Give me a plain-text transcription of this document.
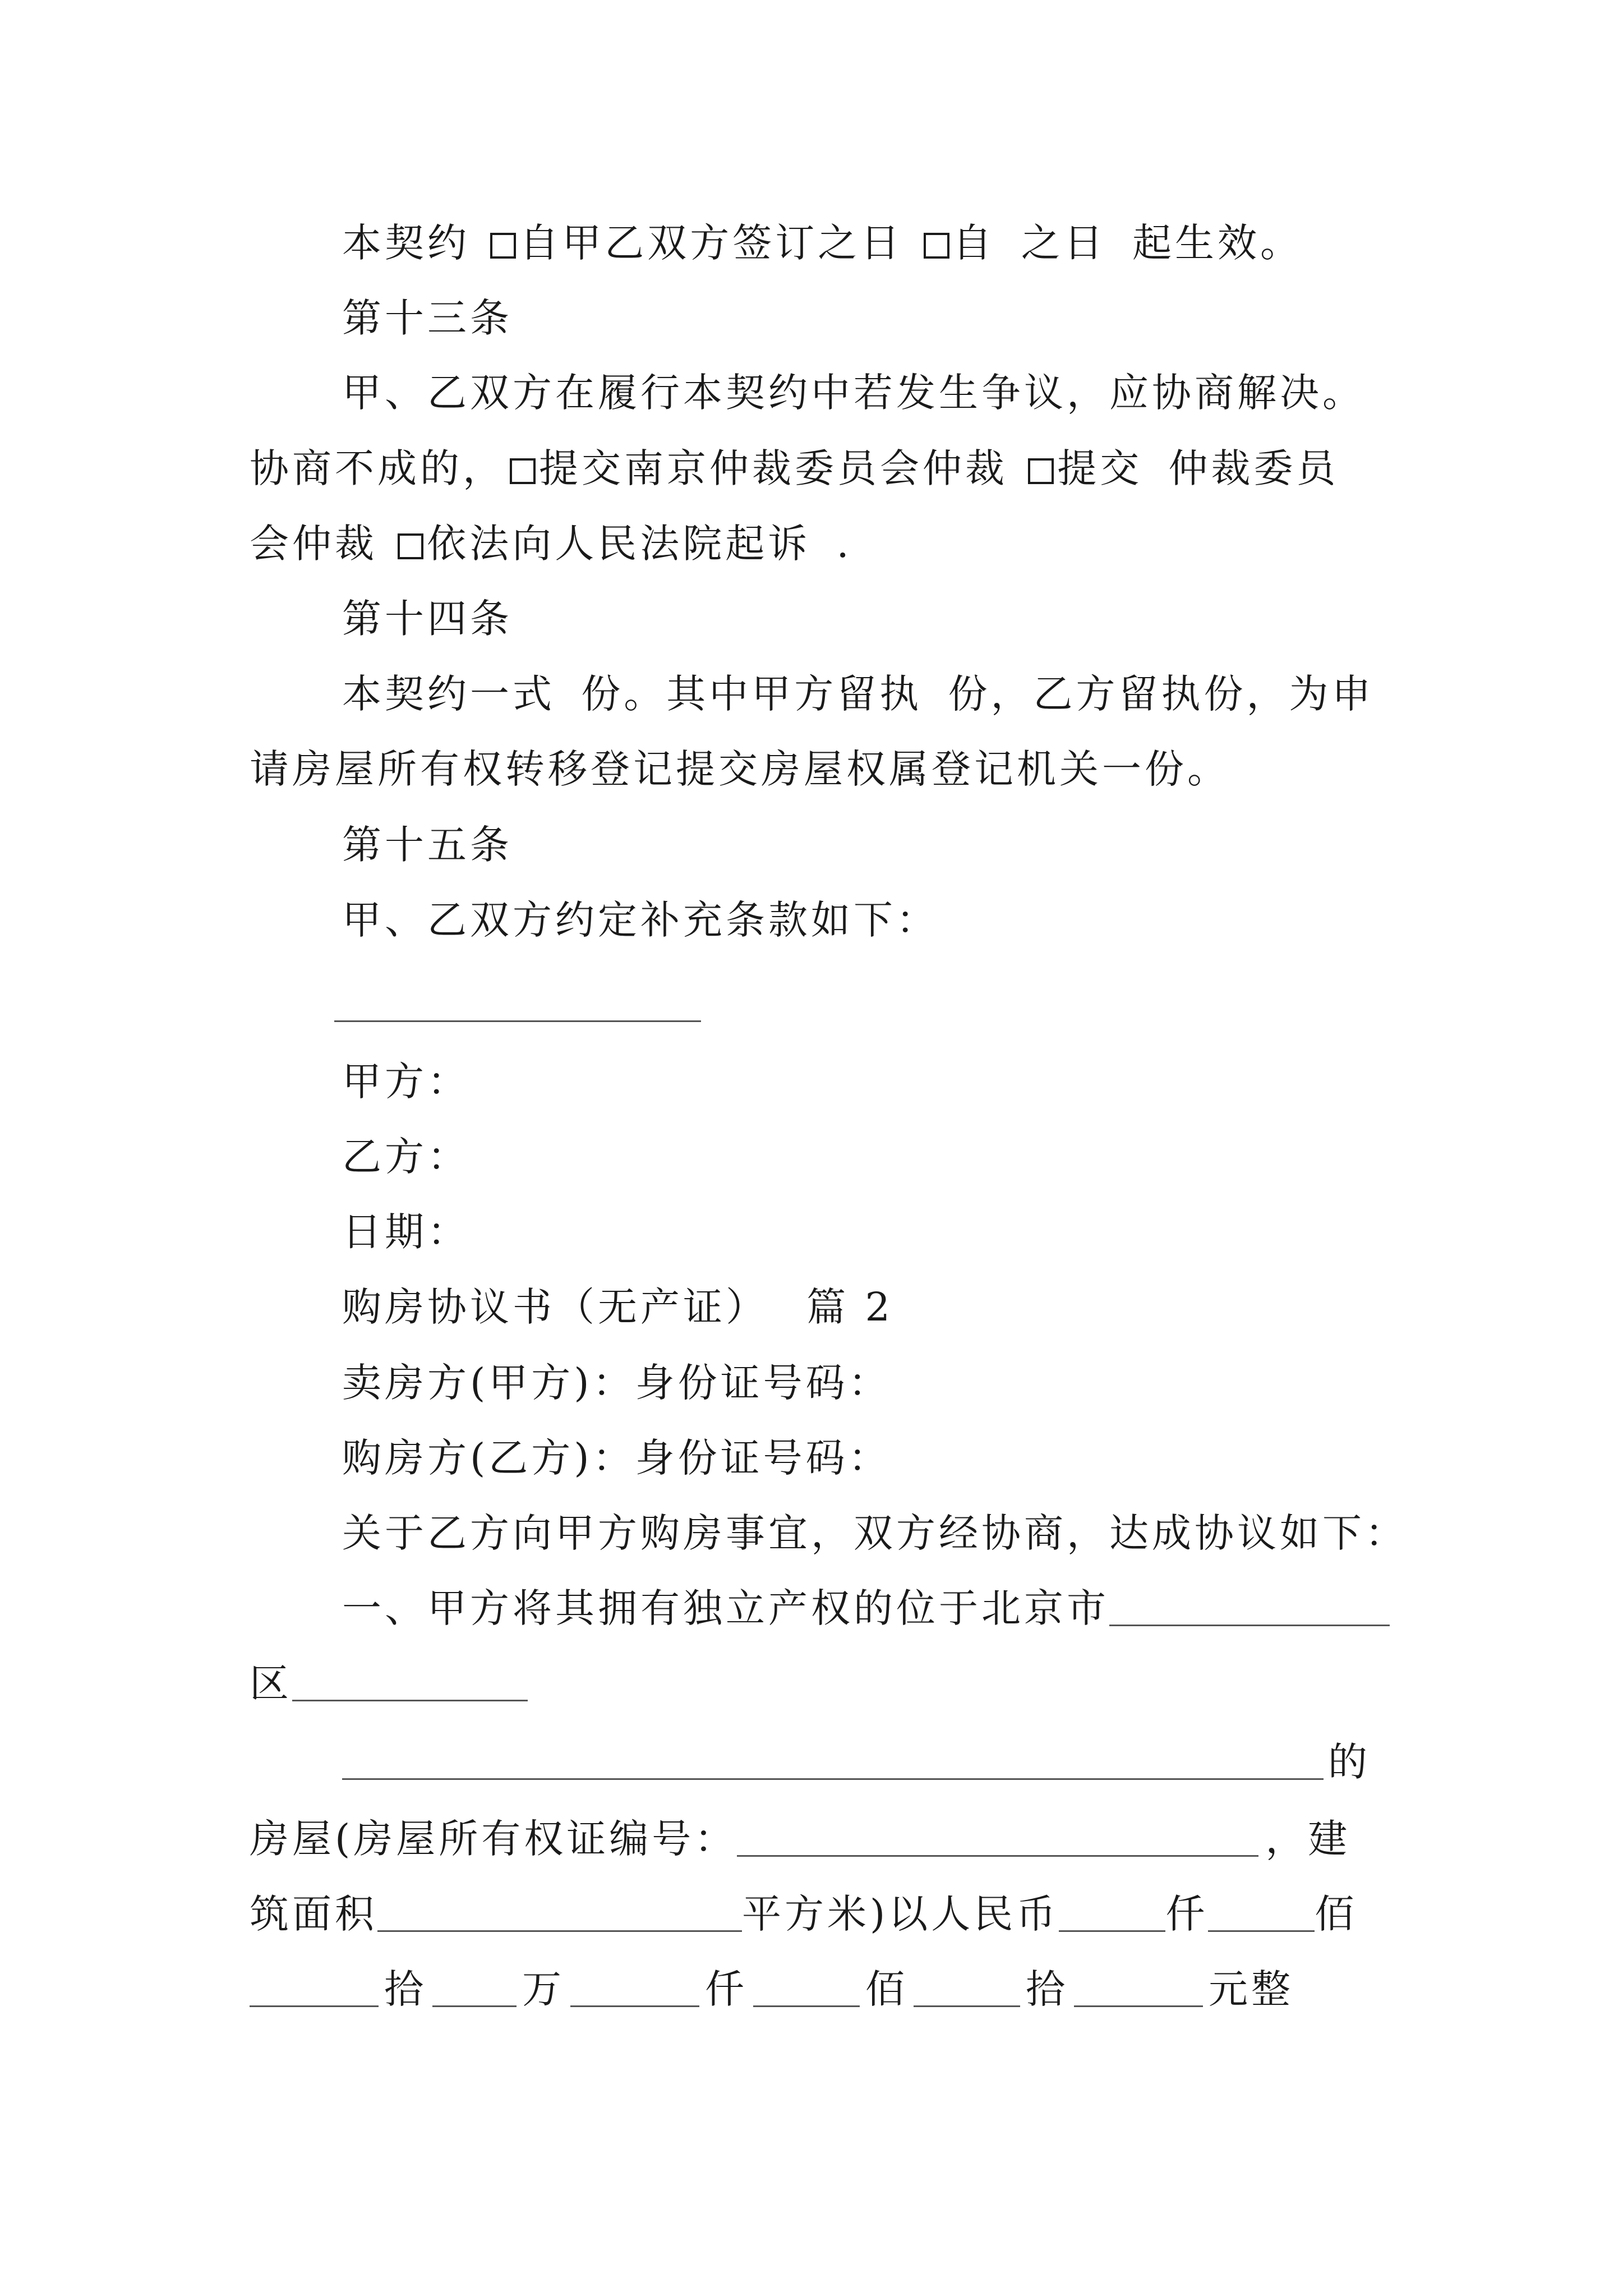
本契约 自甲乙双方签订之日 自 之日 起生效。
第十三条
甲、乙双方在履行本契约中若发生争议，应协商解决。
协商不成的， 提交南京仲裁委员会仲裁 提交 仲裁委员
会仲裁 依法向人民法院起诉 .
第十四条
本契约一式 份。其中甲方留执 份，乙方留执份，为申
请房屋所有权转移登记提交房屋权属登记机关一份。
第十五条
甲、乙双方约定补充条款如下：
甲方：
乙方：
日期：
购房协议书（无产证） 篇 2
卖房方(甲方)：身份证号码：
购房方(乙方)：身份证号码：
关于乙方向甲方购房事宜，双方经协商，达成协议如下：
一、甲方将其拥有独立产权的位于北京市
区
的
房屋(房屋所有权证编号：	，建
筑面积	平方米)以人民币	仟	佰
拾 万	仟	佰	拾	元整
